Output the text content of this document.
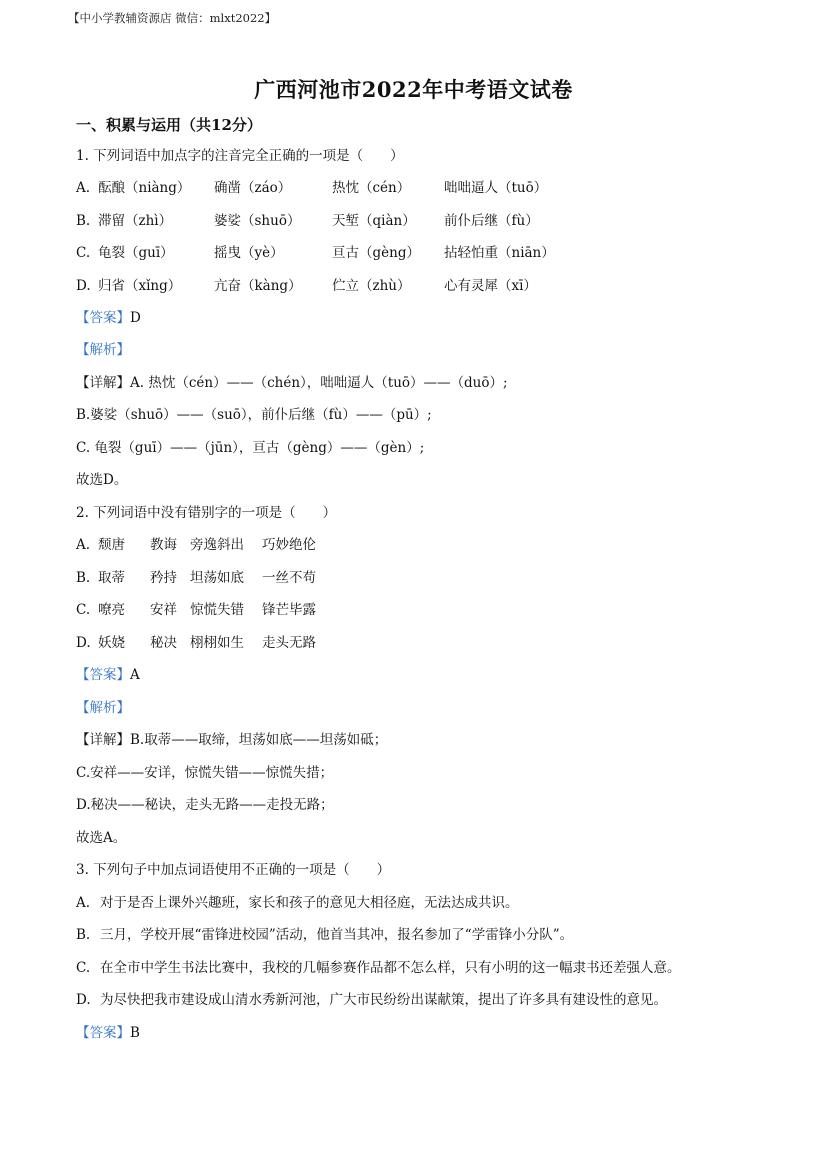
【中小学教辅资源店 微信：mlxt2022】
广西河池市2022年中考语文试卷
一、积累与运用（共12分）
1. 下列词语中加点字的注音完全正确的一项是（　　）
A. 酝酿（niàng） 确凿（záo）	热忱（cén）	咄咄逼人（tuō）
B. 滞留（zhì）	婆娑（shuō） 天堑（qiàn） 前仆后继（fù）
C. 龟裂（guī）	摇曳（yè）	亘古（gèng） 拈轻怕重（niān）
D. 归省（xǐng） 亢奋（kàng） 伫立（zhù） 心有灵犀（xī）
【答案】D
【解析】
【详解】A. 热忱（cén）——（chén），咄咄逼人（tuō）——（duō）;
B.婆娑（shuō）——（suō），前仆后继（fù）——（pū）;
C. 龟裂（guī）——（jūn），亘古（gèng）——（gèn）;
故选D。
2. 下列词语中没有错别字的一项是（　　）
A. 颓唐 教诲 旁逸斜出 巧妙绝伦
B. 取蒂 矜持 坦荡如底 一丝不苟
C. 嘹亮 安祥 惊慌失错 锋芒毕露
D. 妖娆 秘决 栩栩如生 走头无路
【答案】A
【解析】
【详解】B.取蒂——取缔，坦荡如底——坦荡如砥；
C.安祥——安详，惊慌失错——惊慌失措；
D.秘决——秘诀，走头无路——走投无路；
故选A。
3. 下列句子中加点词语使用不正确的一项是（　　）
A. 对于是否上课外兴趣班，家长和孩子的意见大相径庭，无法达成共识。
B. 三月，学校开展“雷锋进校园”活动，他首当其冲，报名参加了“学雷锋小分队”。
C. 在全市中学生书法比赛中，我校的几幅参赛作品都不怎么样，只有小明的这一幅隶书还差强人意。
D. 为尽快把我市建设成山清水秀新河池，广大市民纷纷出谋献策，提出了许多具有建设性的意见。
【答案】B
